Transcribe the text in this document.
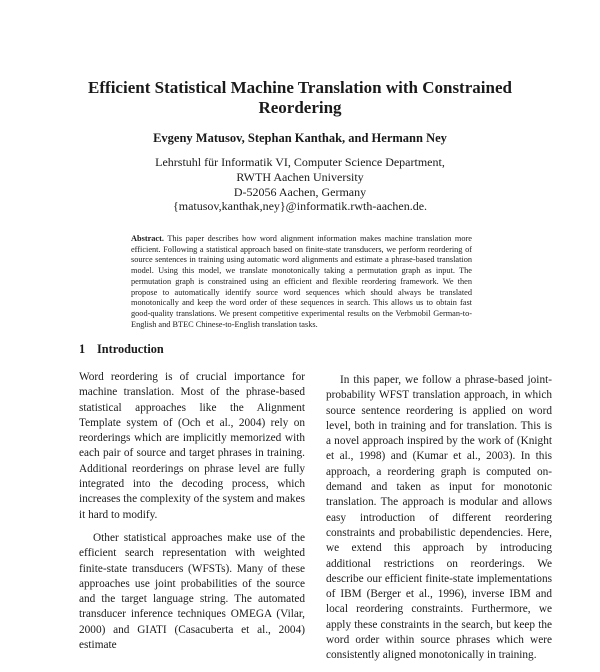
Efficient Statistical Machine Translation with Constrained Reordering
Evgeny Matusov, Stephan Kanthak, and Hermann Ney
Lehrstuhl für Informatik VI, Computer Science Department,
RWTH Aachen University
D-52056 Aachen, Germany
{matusov,kanthak,ney}@informatik.rwth-aachen.de.
Abstract. This paper describes how word alignment information makes machine translation more efficient. Following a statistical approach based on finite-state transducers, we perform reordering of source sentences in training using automatic word alignments and estimate a phrase-based translation model. Using this model, we translate monotonically taking a permutation graph as input. The permutation graph is constrained using an efficient and flexible reordering framework. We then propose to automatically identify source word sequences which should always be translated monotonically and keep the word order of these sequences in search. This allows us to obtain fast good-quality translations. We present competitive experimental results on the Verbmobil German-to-English and BTEC Chinese-to-English translation tasks.
1 Introduction

Word reordering is of crucial importance for machine translation. Most of the phrase-based statistical approaches like the Alignment Template system of (Och et al., 2004) rely on reorderings which are implicitly memorized with each pair of source and target phrases in training. Additional reorderings on phrase level are fully integrated into the decoding process, which increases the complexity of the system and makes it hard to modify.

Other statistical approaches make use of the efficient search representation with weighted finite-state transducers (WFSTs). Many of these approaches use joint probabilities of the source and the target language string. The automated transducer inference techniques OMEGA (Vilar, 2000) and GIATI (Casacuberta et al., 2004) estimate

In this paper, we follow a phrase-based joint-probability WFST translation approach, in which source sentence reordering is applied on word level, both in training and for translation. This is a novel approach inspired by the work of (Knight et al., 1998) and (Kumar et al., 2003). In this approach, a reordering graph is computed on-demand and taken as input for monotonic translation. The approach is modular and allows easy introduction of different reordering constraints and probabilistic dependencies. Here, we extend this approach by introducing additional restrictions on reorderings. We describe our efficient finite-state implementations of IBM (Berger et al., 1996), inverse IBM and local reordering constraints. Furthermore, we apply these constraints in the search, but keep the word order within source phrases which were consistently aligned monotonically in training.
